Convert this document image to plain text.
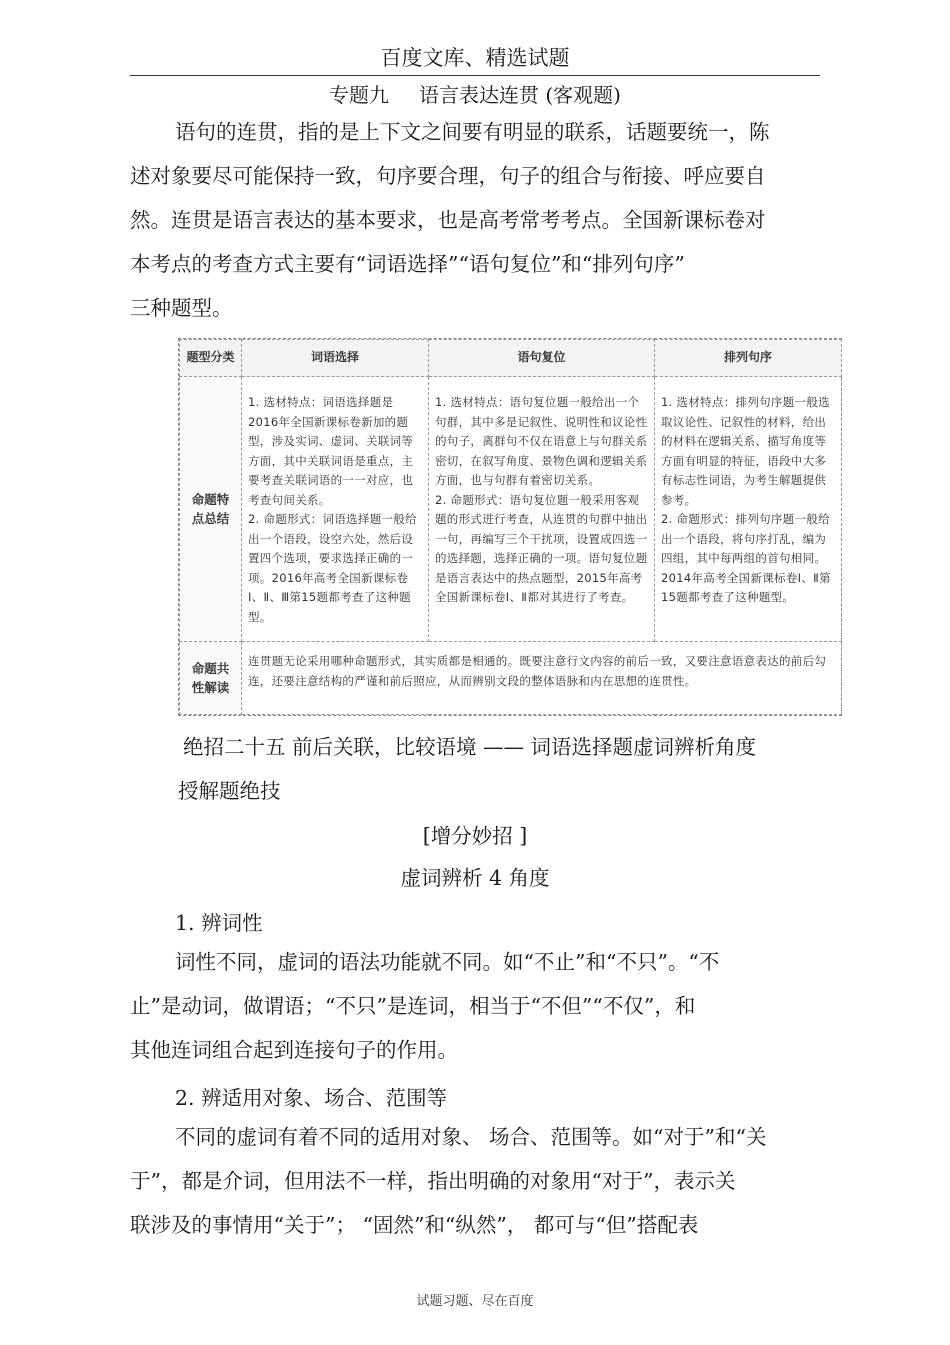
百度文库、精选试题
专题九 语言表达连贯 (客观题)
语句的连贯，指的是上下文之间要有明显的联系，话题要统一，陈
述对象要尽可能保持一致，句序要合理，句子的组合与衔接、呼应要自
然。连贯是语言表达的基本要求，也是高考常考考点。全国新课标卷对
本考点的考查方式主要有“词语选择”“语句复位”和“排列句序”
三种题型。
题型分类	词语选择	语句复位	排列句序
命题特点总结	1. 选材特点：词语选择题是2016年全国新课标卷新加的题型，涉及实词、虚词、关联词等方面，其中关联词语是重点，主要考查关联词语的一一对应，也考查句间关系。
2. 命题形式：词语选择题一般给出一个语段，设空六处，然后设置四个选项，要求选择正确的一项。2016年高考全国新课标卷Ⅰ、Ⅱ、Ⅲ第15题都考查了这种题型。	1. 选材特点：语句复位题一般给出一个句群，其中多是记叙性、说明性和议论性的句子，离群句不仅在语意上与句群关系密切，在叙写角度、景物色调和逻辑关系方面，也与句群有着密切关系。
2. 命题形式：语句复位题一般采用客观题的形式进行考查，从连贯的句群中抽出一句，再编写三个干扰项，设置成四选一的选择题，选择正确的一项。语句复位题是语言表达中的热点题型，2015年高考全国新课标卷Ⅰ、Ⅱ都对其进行了考查。	1. 选材特点：排列句序题一般选取议论性、记叙性的材料，给出的材料在逻辑关系、描写角度等方面有明显的特征，语段中大多有标志性词语，为考生解题提供参考。
2. 命题形式：排列句序题一般给出一个语段，将句序打乱，编为四组，其中每两组的首句相同。2014年高考全国新课标卷Ⅰ、Ⅱ第15题都考查了这种题型。
命题共性解读	连贯题无论采用哪种命题形式，其实质都是相通的。既要注意行文内容的前后一致，又要注意语意表达的前后勾连，还要注意结构的严谨和前后照应，从而辨别文段的整体语脉和内在思想的连贯性。		
绝招二十五 前后关联，比较语境 —— 词语选择题虚词辨析角度
授解题绝技
[增分妙招 ]
虚词辨析 4 角度
1. 辨词性
词性不同，虚词的语法功能就不同。如“不止”和“不只”。“不
止”是动词，做谓语；“不只”是连词，相当于“不但”“不仅”，和
其他连词组合起到连接句子的作用。
2. 辨适用对象、场合、范围等
不同的虚词有着不同的适用对象、 场合、范围等。如“对于”和“关
于”，都是介词，但用法不一样，指出明确的对象用“对于”，表示关
联涉及的事情用“关于”； “固然”和“纵然”， 都可与“但”搭配表
试题习题、尽在百度
